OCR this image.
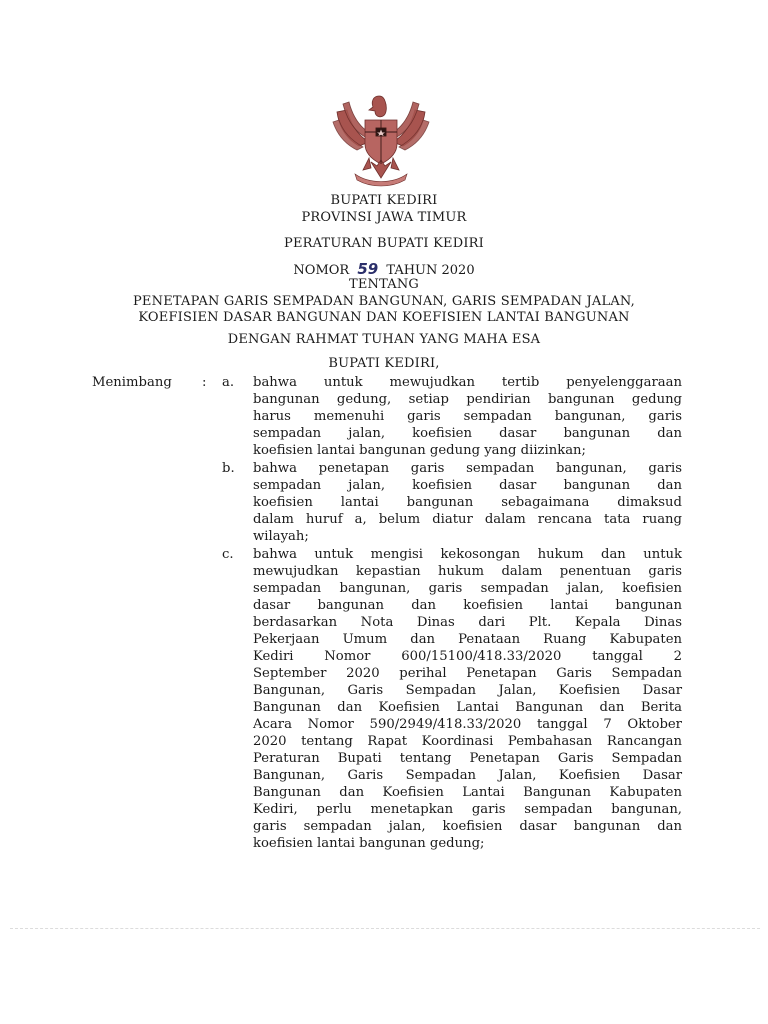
BUPATI KEDIRI
PROVINSI JAWA TIMUR
PERATURAN BUPATI KEDIRI
NOMOR 59 TAHUN 2020
TENTANG
PENETAPAN GARIS SEMPADAN BANGUNAN, GARIS SEMPADAN JALAN,
KOEFISIEN DASAR BANGUNAN DAN KOEFISIEN LANTAI BANGUNAN
DENGAN RAHMAT TUHAN YANG MAHA ESA
BUPATI KEDIRI,
Menimbang : a. bahwa untuk mewujudkan tertib penyelenggaraan
bangunan gedung, setiap pendirian bangunan gedung
harus memenuhi garis sempadan bangunan, garis
sempadan jalan, koefisien dasar bangunan dan
koefisien lantai bangunan gedung yang diizinkan;
b. bahwa penetapan garis sempadan bangunan, garis
sempadan jalan, koefisien dasar bangunan dan
koefisien lantai bangunan sebagaimana dimaksud
dalam huruf a, belum diatur dalam rencana tata ruang
wilayah;
c. bahwa untuk mengisi kekosongan hukum dan untuk
mewujudkan kepastian hukum dalam penentuan garis
sempadan bangunan, garis sempadan jalan, koefisien
dasar bangunan dan koefisien lantai bangunan
berdasarkan Nota Dinas dari Plt. Kepala Dinas
Pekerjaan Umum dan Penataan Ruang Kabupaten
Kediri Nomor 600/15100/418.33/2020 tanggal 2
September 2020 perihal Penetapan Garis Sempadan
Bangunan, Garis Sempadan Jalan, Koefisien Dasar
Bangunan dan Koefisien Lantai Bangunan dan Berita
Acara Nomor 590/2949/418.33/2020 tanggal 7 Oktober
2020 tentang Rapat Koordinasi Pembahasan Rancangan
Peraturan Bupati tentang Penetapan Garis Sempadan
Bangunan, Garis Sempadan Jalan, Koefisien Dasar
Bangunan dan Koefisien Lantai Bangunan Kabupaten
Kediri, perlu menetapkan garis sempadan bangunan,
garis sempadan jalan, koefisien dasar bangunan dan
koefisien lantai bangunan gedung;
